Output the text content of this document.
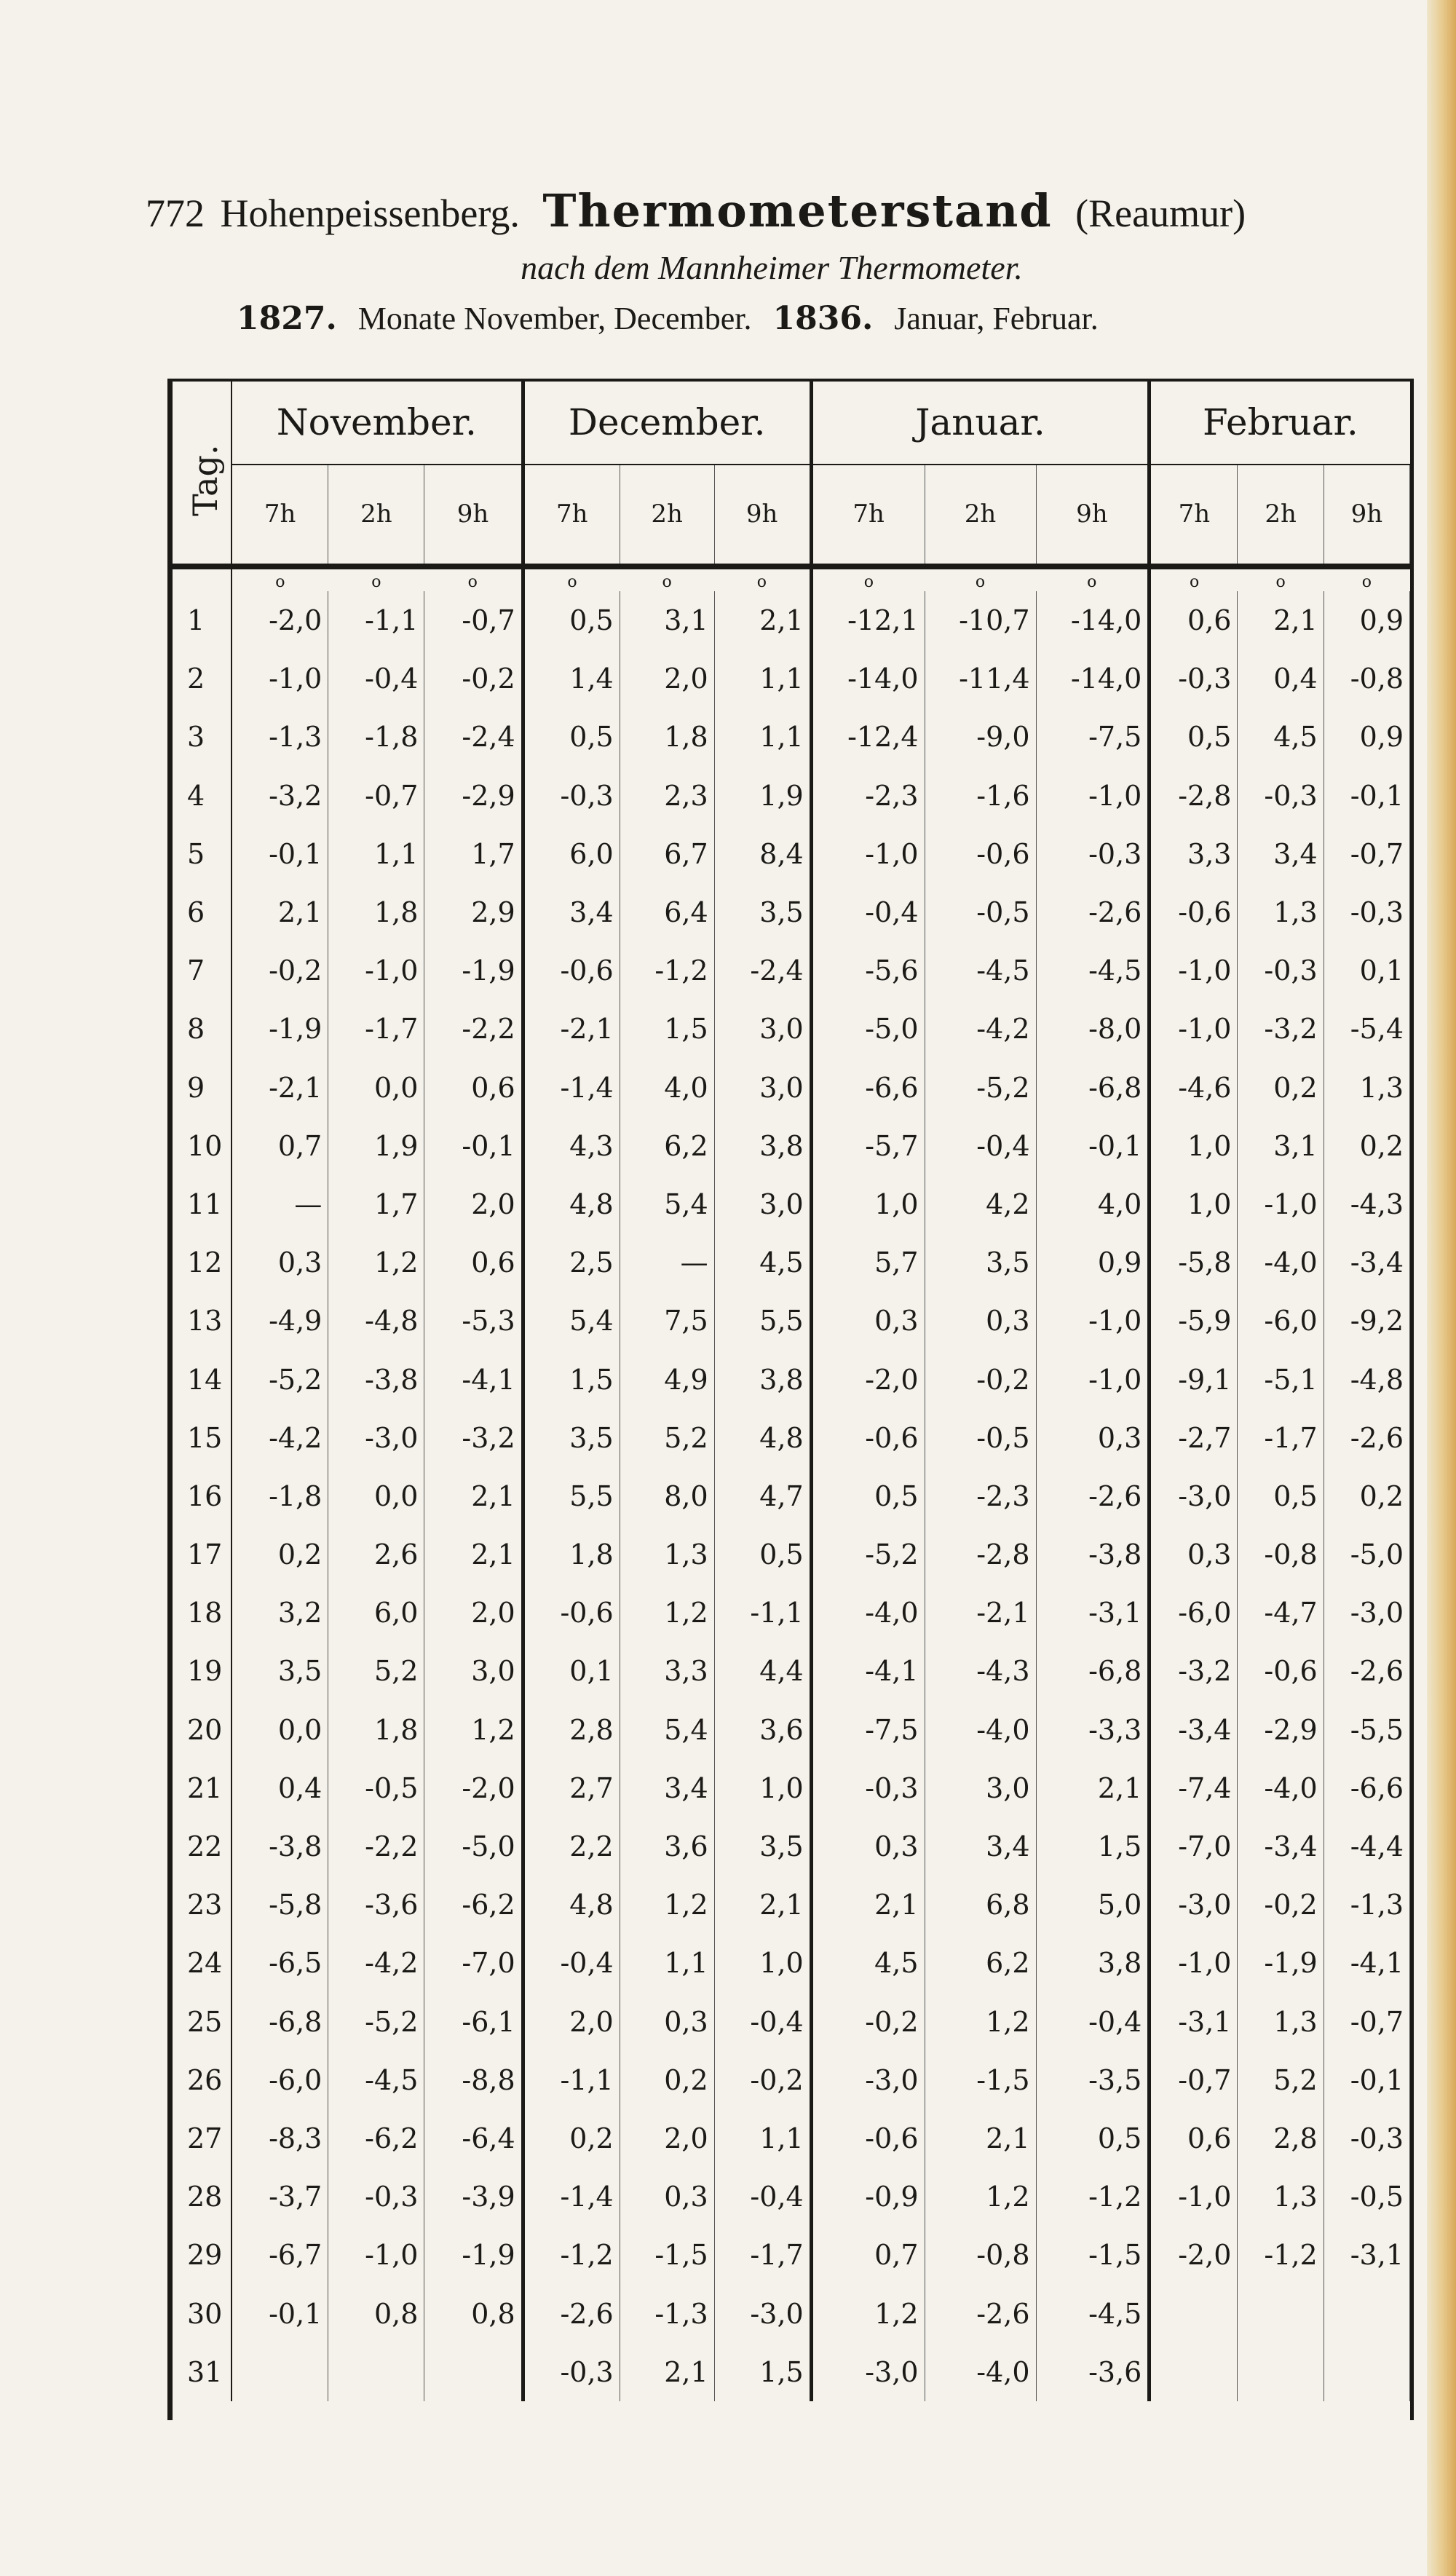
772 Hohenpeissenberg. Thermometerstand (Reaumur)
nach dem Mannheimer Thermometer.
1827. Monate November, December. 1836. Januar, Februar.
Tag.	November.			December.			Januar.			Februar.		
	7h	2h	9h	7h	2h	9h	7h	2h	9h	7h	2h	9h
	o	o	o	o	o	o	o	o	o	o	o	o
1	-2,0	-1,1	-0,7	0,5	3,1	2,1	-12,1	-10,7	-14,0	0,6	2,1	0,9
2	-1,0	-0,4	-0,2	1,4	2,0	1,1	-14,0	-11,4	-14,0	-0,3	0,4	-0,8
3	-1,3	-1,8	-2,4	0,5	1,8	1,1	-12,4	-9,0	-7,5	0,5	4,5	0,9
4	-3,2	-0,7	-2,9	-0,3	2,3	1,9	-2,3	-1,6	-1,0	-2,8	-0,3	-0,1
5	-0,1	1,1	1,7	6,0	6,7	8,4	-1,0	-0,6	-0,3	3,3	3,4	-0,7
6	2,1	1,8	2,9	3,4	6,4	3,5	-0,4	-0,5	-2,6	-0,6	1,3	-0,3
7	-0,2	-1,0	-1,9	-0,6	-1,2	-2,4	-5,6	-4,5	-4,5	-1,0	-0,3	0,1
8	-1,9	-1,7	-2,2	-2,1	1,5	3,0	-5,0	-4,2	-8,0	-1,0	-3,2	-5,4
9	-2,1	0,0	0,6	-1,4	4,0	3,0	-6,6	-5,2	-6,8	-4,6	0,2	1,3
10	0,7	1,9	-0,1	4,3	6,2	3,8	-5,7	-0,4	-0,1	1,0	3,1	0,2
11	—	1,7	2,0	4,8	5,4	3,0	1,0	4,2	4,0	1,0	-1,0	-4,3
12	0,3	1,2	0,6	2,5	—	4,5	5,7	3,5	0,9	-5,8	-4,0	-3,4
13	-4,9	-4,8	-5,3	5,4	7,5	5,5	0,3	0,3	-1,0	-5,9	-6,0	-9,2
14	-5,2	-3,8	-4,1	1,5	4,9	3,8	-2,0	-0,2	-1,0	-9,1	-5,1	-4,8
15	-4,2	-3,0	-3,2	3,5	5,2	4,8	-0,6	-0,5	0,3	-2,7	-1,7	-2,6
16	-1,8	0,0	2,1	5,5	8,0	4,7	0,5	-2,3	-2,6	-3,0	0,5	0,2
17	0,2	2,6	2,1	1,8	1,3	0,5	-5,2	-2,8	-3,8	0,3	-0,8	-5,0
18	3,2	6,0	2,0	-0,6	1,2	-1,1	-4,0	-2,1	-3,1	-6,0	-4,7	-3,0
19	3,5	5,2	3,0	0,1	3,3	4,4	-4,1	-4,3	-6,8	-3,2	-0,6	-2,6
20	0,0	1,8	1,2	2,8	5,4	3,6	-7,5	-4,0	-3,3	-3,4	-2,9	-5,5
21	0,4	-0,5	-2,0	2,7	3,4	1,0	-0,3	3,0	2,1	-7,4	-4,0	-6,6
22	-3,8	-2,2	-5,0	2,2	3,6	3,5	0,3	3,4	1,5	-7,0	-3,4	-4,4
23	-5,8	-3,6	-6,2	4,8	1,2	2,1	2,1	6,8	5,0	-3,0	-0,2	-1,3
24	-6,5	-4,2	-7,0	-0,4	1,1	1,0	4,5	6,2	3,8	-1,0	-1,9	-4,1
25	-6,8	-5,2	-6,1	2,0	0,3	-0,4	-0,2	1,2	-0,4	-3,1	1,3	-0,7
26	-6,0	-4,5	-8,8	-1,1	0,2	-0,2	-3,0	-1,5	-3,5	-0,7	5,2	-0,1
27	-8,3	-6,2	-6,4	0,2	2,0	1,1	-0,6	2,1	0,5	0,6	2,8	-0,3
28	-3,7	-0,3	-3,9	-1,4	0,3	-0,4	-0,9	1,2	-1,2	-1,0	1,3	-0,5
29	-6,7	-1,0	-1,9	-1,2	-1,5	-1,7	0,7	-0,8	-1,5	-2,0	-1,2	-3,1
30	-0,1	0,8	0,8	-2,6	-1,3	-3,0	1,2	-2,6	-4,5			
31				-0,3	2,1	1,5	-3,0	-4,0	-3,6			
